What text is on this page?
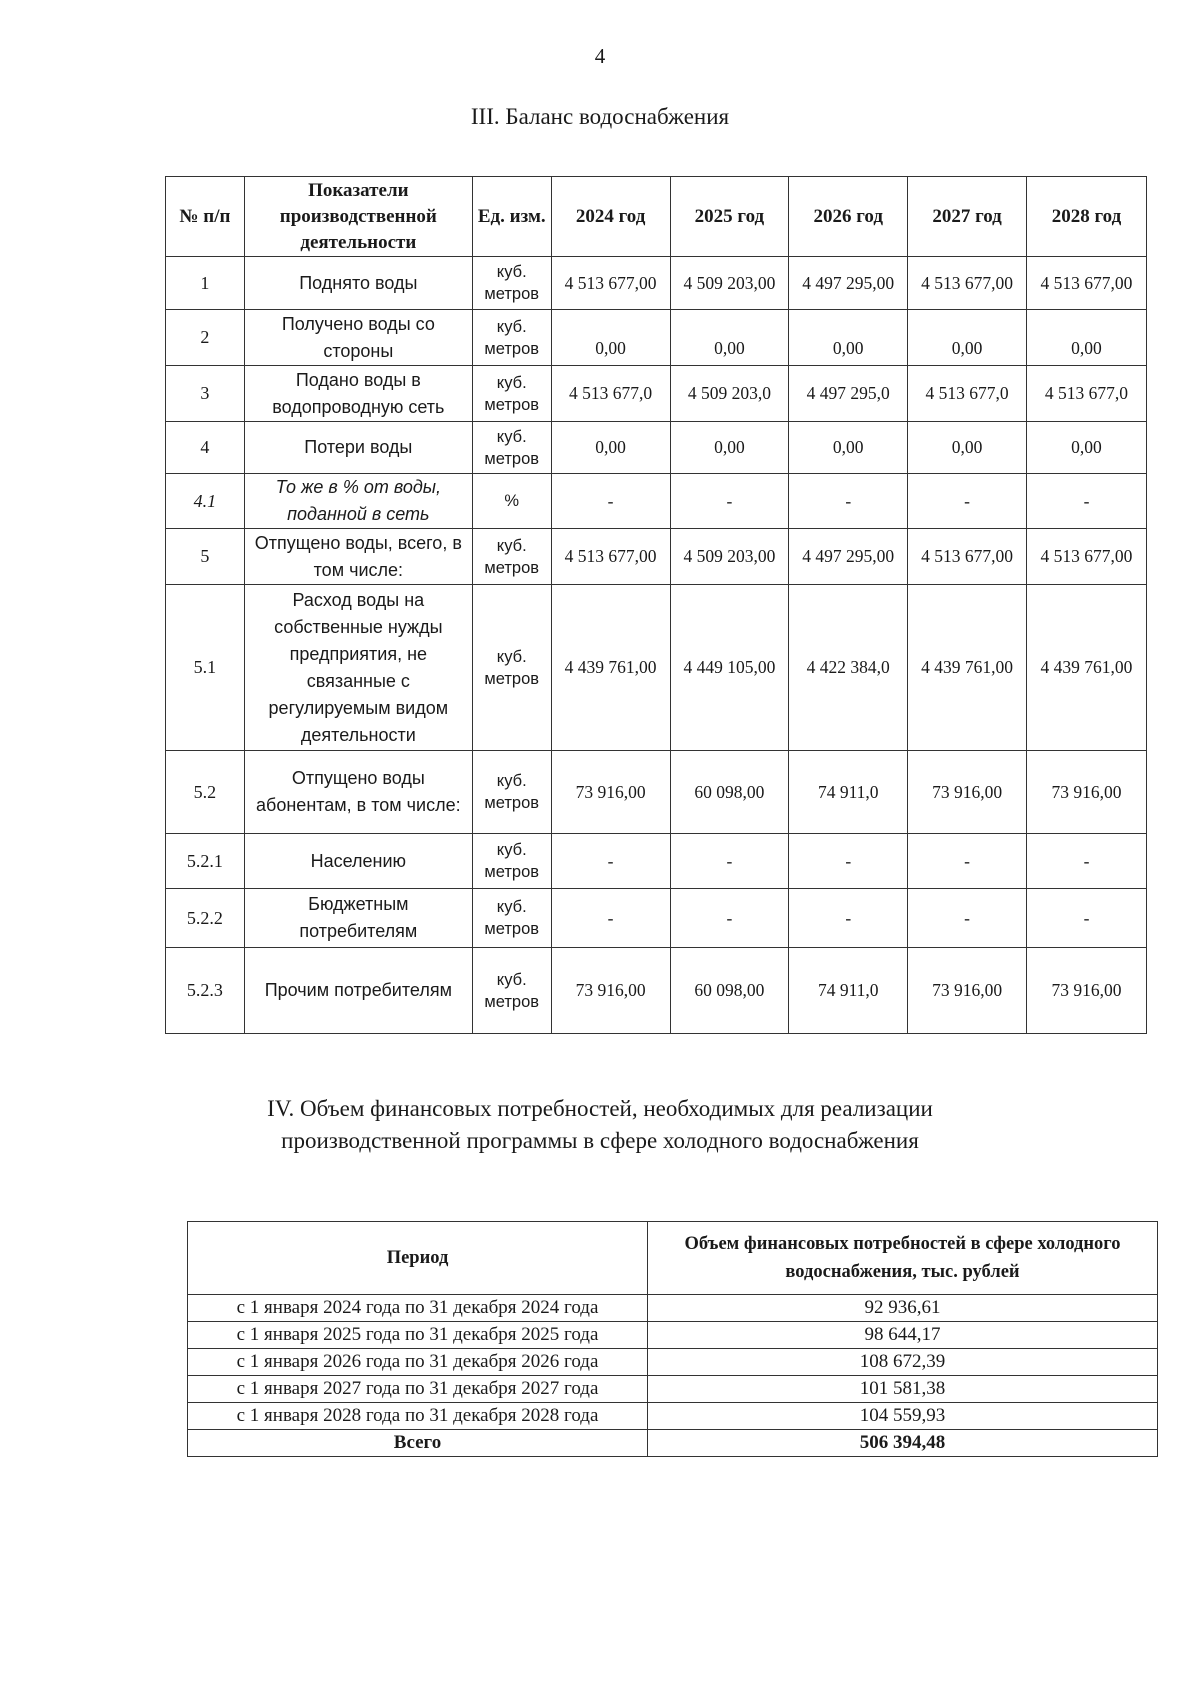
4
III. Баланс водоснабжения
№ п/п	Показатели производственной деятельности	Ед. изм.	2024 год	2025 год	2026 год	2027 год	2028 год
1	Поднято воды	куб. метров	4 513 677,00	4 509 203,00	4 497 295,00	4 513 677,00	4 513 677,00
2	Получено воды со стороны	куб. метров	0,00	0,00	0,00	0,00	0,00
3	Подано воды в водопроводную сеть	куб. метров	4 513 677,0	4 509 203,0	4 497 295,0	4 513 677,0	4 513 677,0
4	Потери воды	куб. метров	0,00	0,00	0,00	0,00	0,00
4.1	То же в % от воды, поданной в сеть	%	-	-	-	-	-
5	Отпущено воды, всего, в том числе:	куб. метров	4 513 677,00	4 509 203,00	4 497 295,00	4 513 677,00	4 513 677,00
5.1	Расход воды на собственные нужды предприятия, не связанные с регулируемым видом деятельности	куб. метров	4 439 761,00	4 449 105,00	4 422 384,0	4 439 761,00	4 439 761,00
5.2	Отпущено воды абонентам, в том числе:	куб. метров	73 916,00	60 098,00	74 911,0	73 916,00	73 916,00
5.2.1	Населению	куб. метров	-	-	-	-	-
5.2.2	Бюджетным потребителям	куб. метров	-	-	-	-	-
5.2.3	Прочим потребителям	куб. метров	73 916,00	60 098,00	74 911,0	73 916,00	73 916,00
IV. Объем финансовых потребностей, необходимых для реализации
производственной программы в сфере холодного водоснабжения
Период	Объем финансовых потребностей в сфере холодного водоснабжения, тыс. рублей
с 1 января 2024 года по 31 декабря 2024 года	92 936,61
с 1 января 2025 года по 31 декабря 2025 года	98 644,17
с 1 января 2026 года по 31 декабря 2026 года	108 672,39
с 1 января 2027 года по 31 декабря 2027 года	101 581,38
с 1 января 2028 года по 31 декабря 2028 года	104 559,93
Всего	506 394,48
